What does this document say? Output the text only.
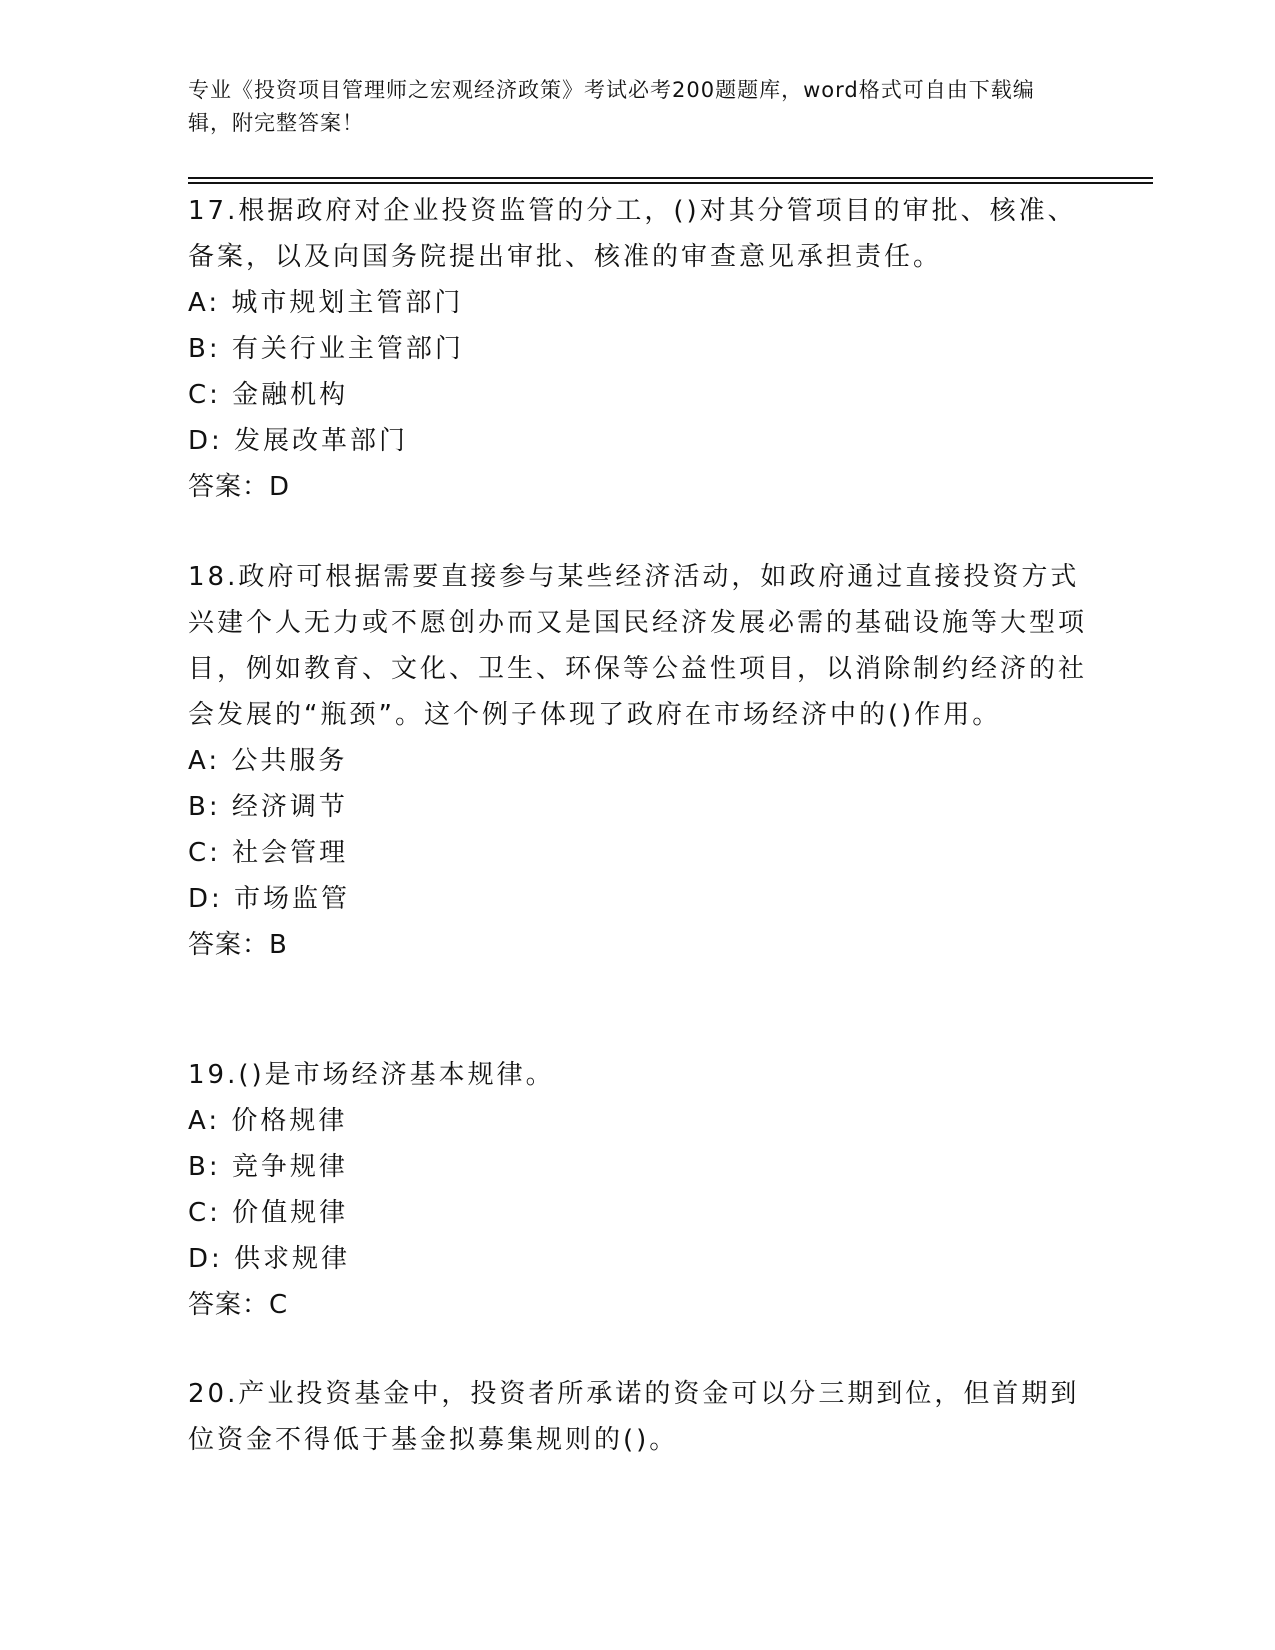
专业《投资项目管理师之宏观经济政策》考试必考200题题库，word格式可自由下载编辑，附完整答案！

17.根据政府对企业投资监管的分工，()对其分管项目的审批、核准、备案，以及向国务院提出审批、核准的审查意见承担责任。

A: 城市规划主管部门

B: 有关行业主管部门

C: 金融机构

D: 发展改革部门

答案：D

18.政府可根据需要直接参与某些经济活动，如政府通过直接投资方式兴建个人无力或不愿创办而又是国民经济发展必需的基础设施等大型项目，例如教育、文化、卫生、环保等公益性项目，以消除制约经济的社会发展的“瓶颈”。这个例子体现了政府在市场经济中的()作用。

A: 公共服务

B: 经济调节

C: 社会管理

D: 市场监管

答案：B

19.()是市场经济基本规律。

A: 价格规律

B: 竞争规律

C: 价值规律

D: 供求规律

答案：C

20.产业投资基金中，投资者所承诺的资金可以分三期到位，但首期到位资金不得低于基金拟募集规则的()。
